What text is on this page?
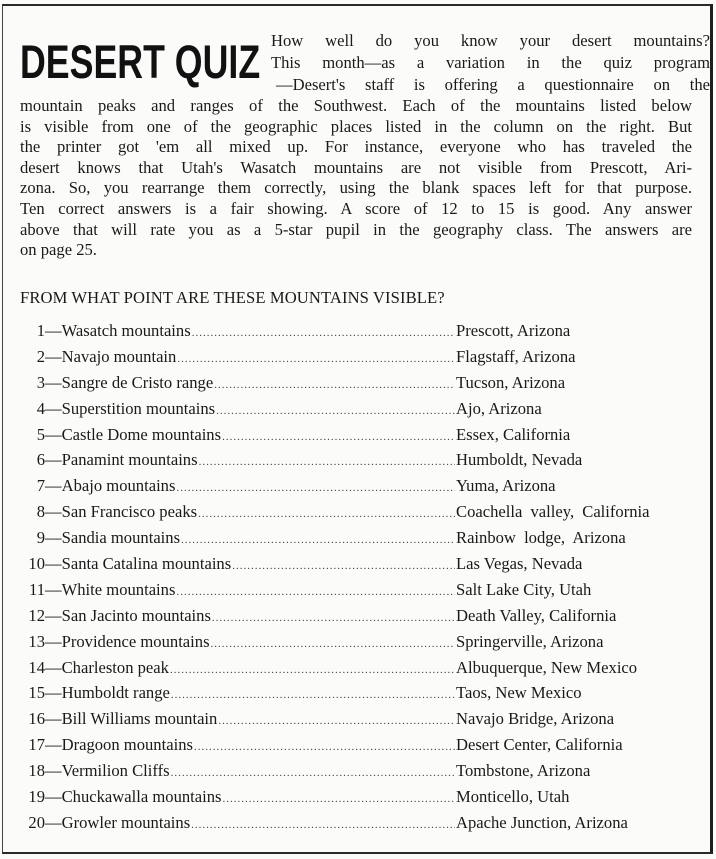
DESERT QUIZ How well do you know your desert mountains?
This month—as a variation in the quiz program
—Desert's staff is offering a questionnaire on the
mountain peaks and ranges of the Southwest. Each of the mountains listed below
is visible from one of the geographic places listed in the column on the right. But
the printer got 'em all mixed up. For instance, everyone who has traveled the
desert knows that Utah's Wasatch mountains are not visible from Prescott, Ari-
zona. So, you rearrange them correctly, using the blank spaces left for that purpose.
Ten correct answers is a fair showing. A score of 12 to 15 is good. Any answer
above that will rate you as a 5-star pupil in the geography class. The answers are
on page 25.
FROM WHAT POINT ARE THESE MOUNTAINS VISIBLE?
1 — Wasatch mountains .....	Prescott, Arizona
2 — Navajo mountain .....	Flagstaff, Arizona
3 — Sangre de Cristo range .....	Tucson, Arizona
4 — Superstition mountains .....	Ajo, Arizona
5 — Castle Dome mountains .....	Essex, California
6 — Panamint mountains .....	Humboldt, Nevada
7 — Abajo mountains .....	Yuma, Arizona
8 — San Francisco peaks .....	Coachella valley, California
9 — Sandia mountains .....	Rainbow lodge, Arizona
10 — Santa Catalina mountains .....	Las Vegas, Nevada
11 — White mountains .....	Salt Lake City, Utah
12 — San Jacinto mountains .....	Death Valley, California
13 — Providence mountains .....	Springerville, Arizona
14 — Charleston peak .....	Albuquerque, New Mexico
15 — Humboldt range .....	Taos, New Mexico
16 — Bill Williams mountain .....	Navajo Bridge, Arizona
17 — Dragoon mountains .....	Desert Center, California
18 — Vermilion Cliffs .....	Tombstone, Arizona
19 — Chuckawalla mountains .....	Monticello, Utah
20 — Growler mountains .....	Apache Junction, Arizona
